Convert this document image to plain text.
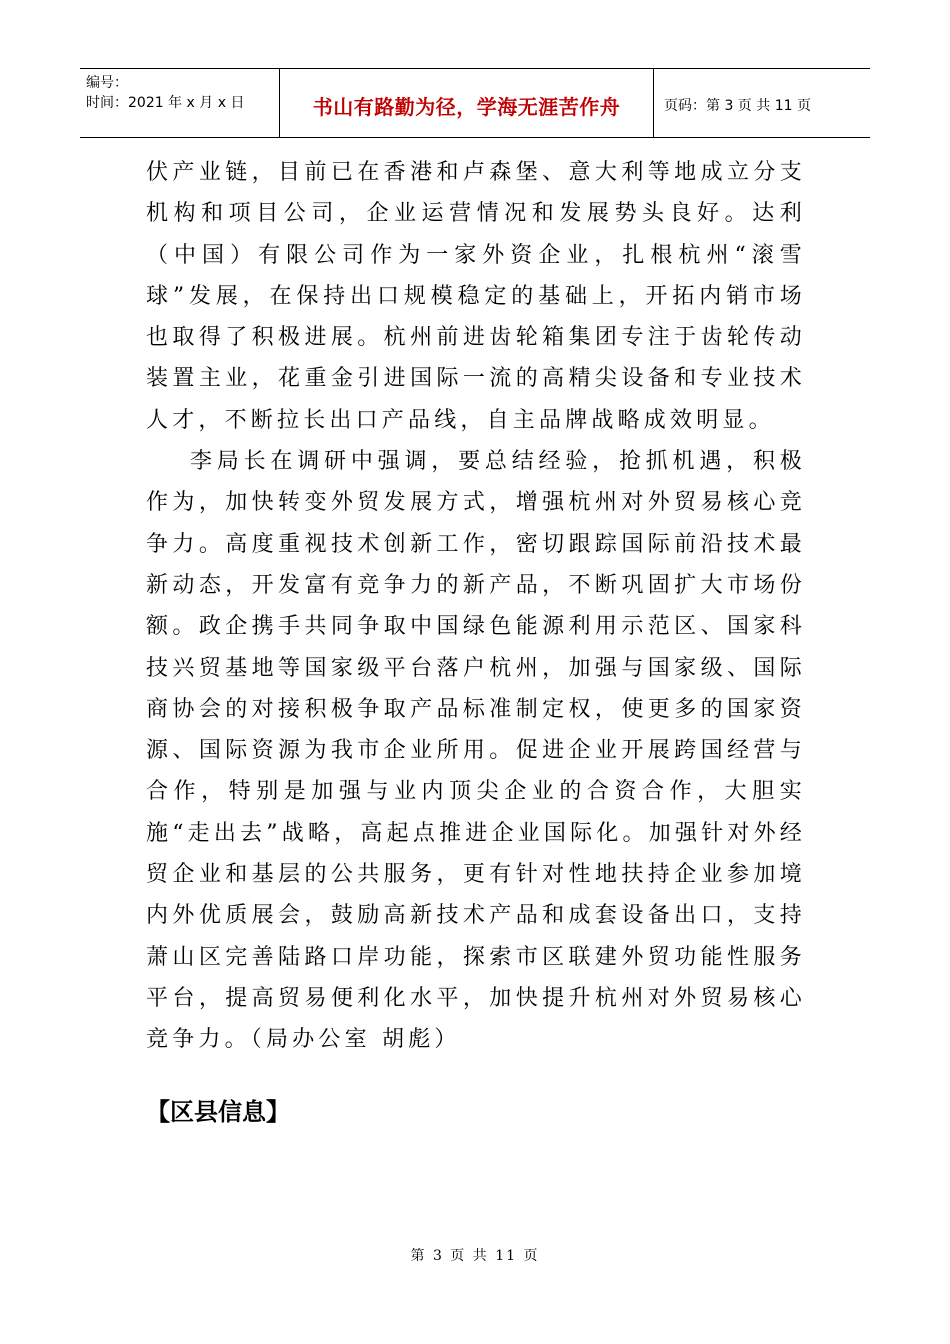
编号：
时间：2021 年 x 月 x 日	书山有路勤为径，学海无涯苦作舟	页码：第 3 页 共 11 页

伏产业链，目前已在香港和卢森堡、意大利等地成立分支机构和项目公司，企业运营情况和发展势头良好。达利（中国）有限公司作为一家外资企业，扎根杭州“滚雪球”发展，在保持出口规模稳定的基础上，开拓内销市场也取得了积极进展。杭州前进齿轮箱集团专注于齿轮传动装置主业，花重金引进国际一流的高精尖设备和专业技术人才，不断拉长出口产品线，自主品牌战略成效明显。

李局长在调研中强调，要总结经验，抢抓机遇，积极作为，加快转变外贸发展方式，增强杭州对外贸易核心竞争力。高度重视技术创新工作，密切跟踪国际前沿技术最新动态，开发富有竞争力的新产品，不断巩固扩大市场份额。政企携手共同争取中国绿色能源利用示范区、国家科技兴贸基地等国家级平台落户杭州，加强与国家级、国际商协会的对接积极争取产品标准制定权，使更多的国家资源、国际资源为我市企业所用。促进企业开展跨国经营与合作，特别是加强与业内顶尖企业的合资合作，大胆实施“走出去”战略，高起点推进企业国际化。加强针对外经贸企业和基层的公共服务，更有针对性地扶持企业参加境内外优质展会，鼓励高新技术产品和成套设备出口，支持萧山区完善陆路口岸功能，探索市区联建外贸功能性服务平台，提高贸易便利化水平，加快提升杭州对外贸易核心竞争力。（局办公室 胡彪）

【区县信息】
第 3 页 共 11 页
